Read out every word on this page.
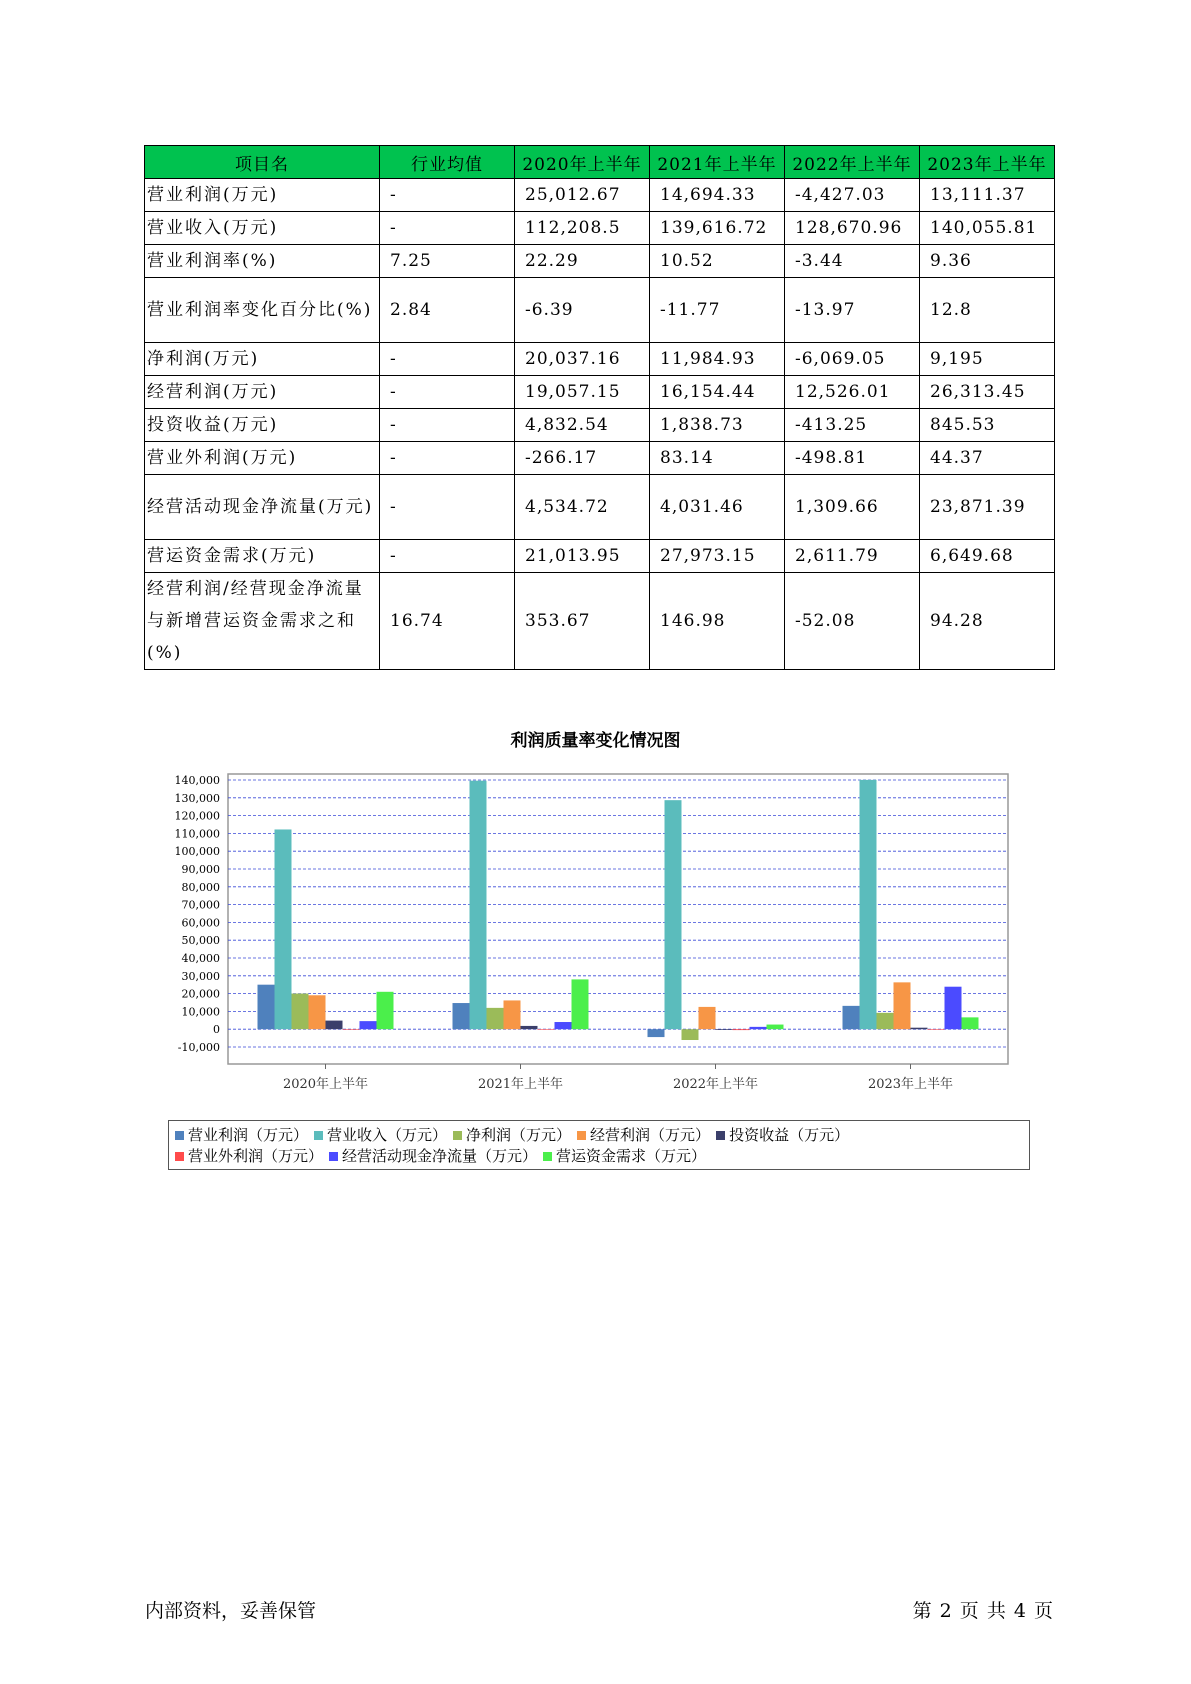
项目名	行业均值	2020年上半年	2021年上半年	2022年上半年	2023年上半年
营业利润(万元)	-	25,012.67	14,694.33	-4,427.03	13,111.37
营业收入(万元)	-	112,208.5	139,616.72	128,670.96	140,055.81
营业利润率(%)	7.25	22.29	10.52	-3.44	9.36
营业利润率变化百分比(%)	2.84	-6.39	-11.77	-13.97	12.8
净利润(万元)	-	20,037.16	11,984.93	-6,069.05	9,195
经营利润(万元)	-	19,057.15	16,154.44	12,526.01	26,313.45
投资收益(万元)	-	4,832.54	1,838.73	-413.25	845.53
营业外利润(万元)	-	-266.17	83.14	-498.81	44.37
经营活动现金净流量(万元)	-	4,534.72	4,031.46	1,309.66	23,871.39
营运资金需求(万元)	-	21,013.95	27,973.15	2,611.79	6,649.68
经营利润/经营现金净流量与新增营运资金需求之和(%)	16.74	353.67	146.98	-52.08	94.28
利润质量率变化情况图
-10,000
0
10,000
20,000
30,000
40,000
50,000
60,000
70,000
80,000
90,000
100,000
110,000
120,000
130,000
140,000
2020年上半年	2021年上半年	2022年上半年	2023年上半年
营业利润（万元） 营业收入（万元） 净利润（万元） 经营利润（万元） 投资收益（万元）
营业外利润（万元） 经营活动现金净流量（万元） 营运资金需求（万元）
内部资料，妥善保管	第 2 页 共 4 页
